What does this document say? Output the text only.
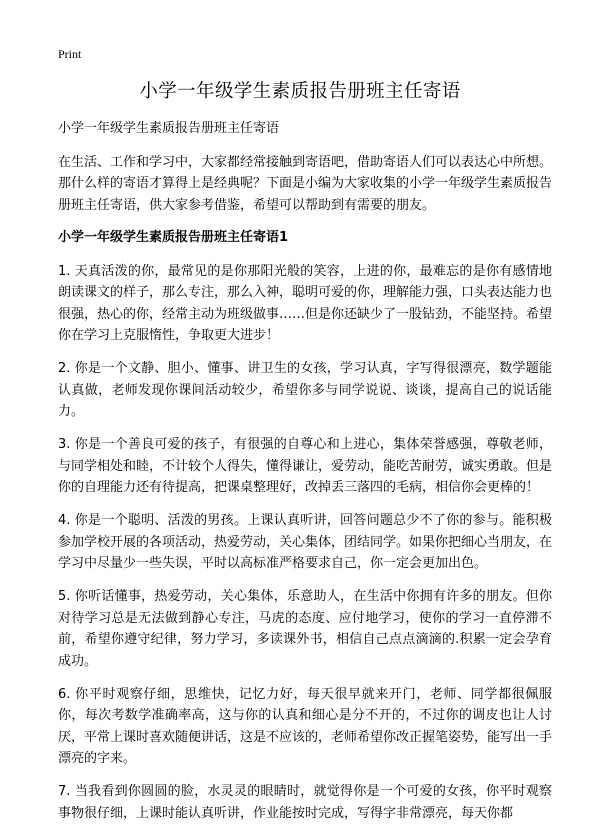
Print
小学一年级学生素质报告册班主任寄语

小学一年级学生素质报告册班主任寄语

在生活、工作和学习中，大家都经常接触到寄语吧，借助寄语人们可以表达心中所想。那什么样的寄语才算得上是经典呢？下面是小编为大家收集的小学一年级学生素质报告册班主任寄语，供大家参考借鉴，希望可以帮助到有需要的朋友。

小学一年级学生素质报告册班主任寄语1

1. 天真活泼的你，最常见的是你那阳光般的笑容，上进的你，最难忘的是你有感情地朗读课文的样子，那么专注，那么入神，聪明可爱的你，理解能力强，口头表达能力也很强，热心的你，经常主动为班级做事……但是你还缺少了一股钻劲，不能坚持。希望你在学习上克服惰性，争取更大进步！

2. 你是一个文静、胆小、懂事、讲卫生的女孩，学习认真，字写得很漂亮，数学题能认真做，老师发现你课间活动较少，希望你多与同学说说、谈谈，提高自己的说话能力。

3. 你是一个善良可爱的孩子，有很强的自尊心和上进心，集体荣誉感强，尊敬老师，与同学相处和睦，不计较个人得失，懂得谦让，爱劳动，能吃苦耐劳，诚实勇敢。但是你的自理能力还有待提高，把课桌整理好，改掉丢三落四的毛病，相信你会更棒的！

4. 你是一个聪明、活泼的男孩。上课认真听讲，回答问题总少不了你的参与。能积极参加学校开展的各项活动，热爱劳动，关心集体，团结同学。如果你把细心当朋友，在学习中尽量少一些失误，平时以高标准严格要求自己，你一定会更加出色。

5. 你听话懂事，热爱劳动，关心集体，乐意助人，在生活中你拥有许多的朋友。但你对待学习总是无法做到静心专注，马虎的态度、应付地学习，使你的学习一直停滞不前，希望你遵守纪律，努力学习，多读课外书，相信自己点点滴滴的.积累一定会孕育成功。

6. 你平时观察仔细，思维快，记忆力好，每天很早就来开门，老师、同学都很佩服你，每次考数学准确率高，这与你的认真和细心是分不开的，不过你的调皮也让人讨厌，平常上课时喜欢随便讲话，这是不应该的，老师希望你改正握笔姿势，能写出一手漂亮的字来。

7. 当我看到你圆圆的脸，水灵灵的眼睛时，就觉得你是一个可爱的女孩，你平时观察事物很仔细，上课时能认真听讲，作业能按时完成，写得字非常漂亮，每天你都
